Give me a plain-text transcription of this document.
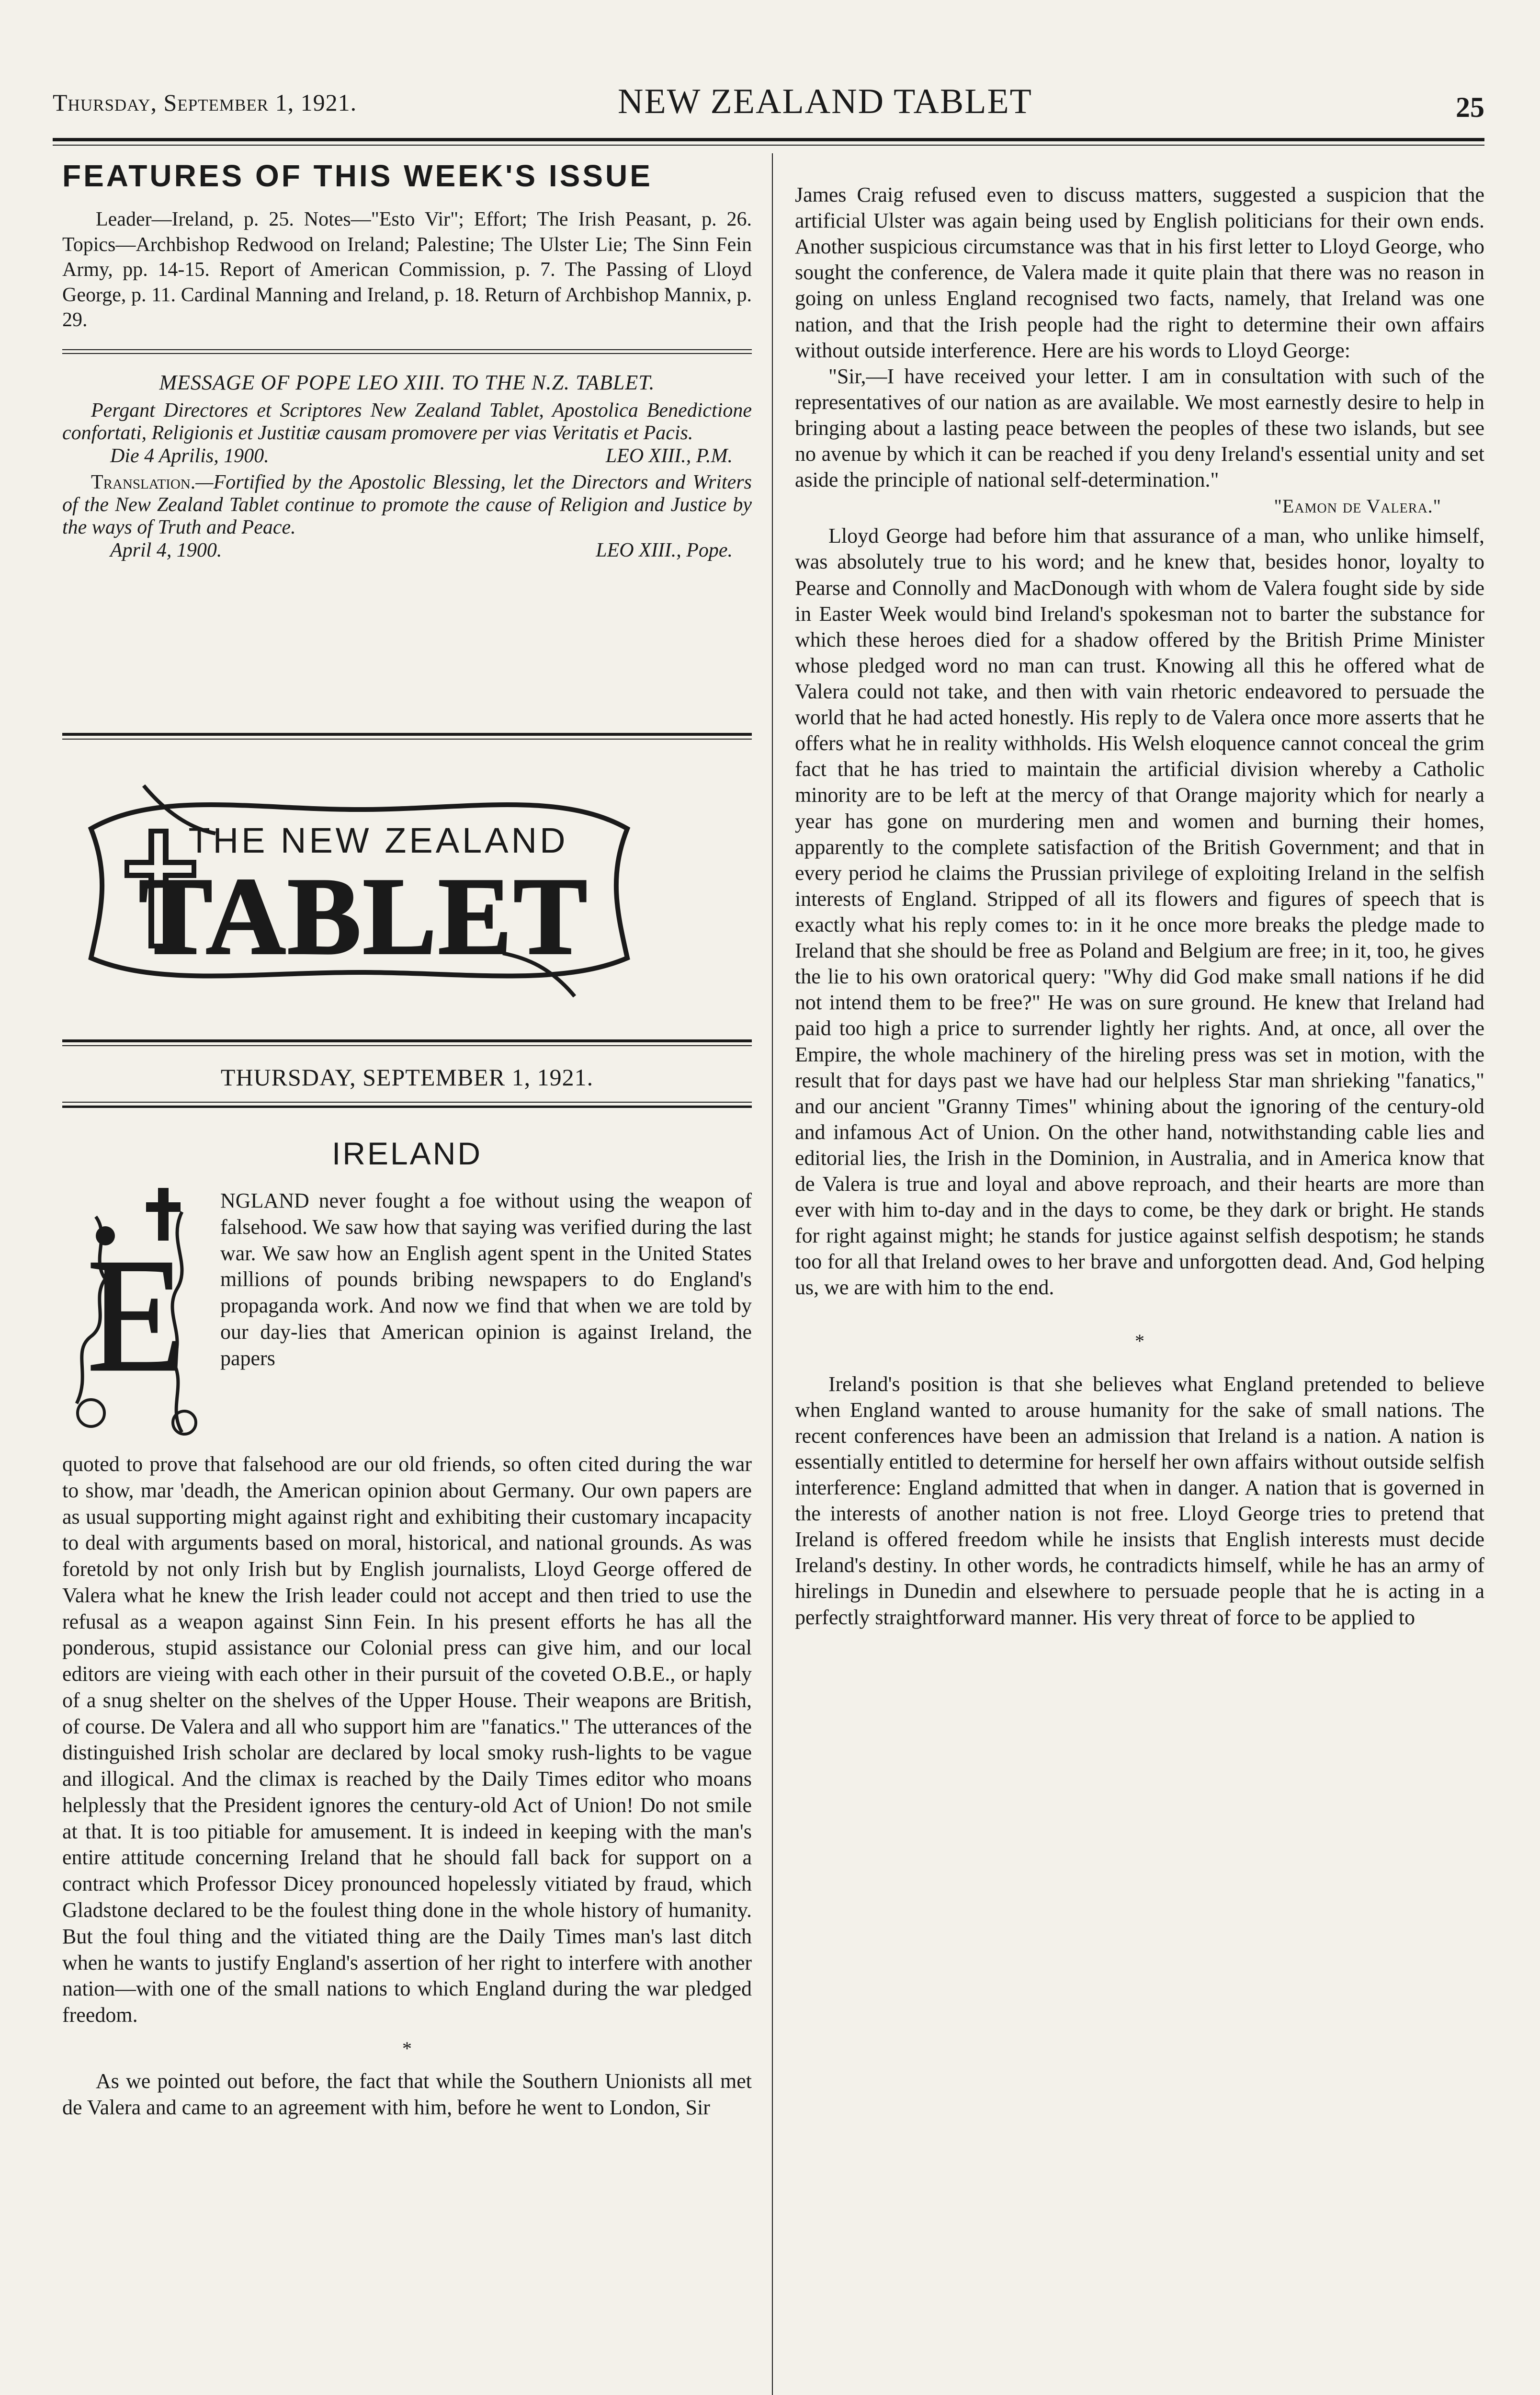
Thursday, September 1, 1921.	NEW ZEALAND TABLET	25
FEATURES OF THIS WEEK'S ISSUE

Leader—Ireland, p. 25. Notes—"Esto Vir"; Effort; The Irish Peasant, p. 26. Topics—Archbishop Redwood on Ireland; Palestine; The Ulster Lie; The Sinn Fein Army, pp. 14-15. Report of American Commission, p. 7. The Passing of Lloyd George, p. 11. Cardinal Manning and Ireland, p. 18. Return of Archbishop Mannix, p. 29.

MESSAGE OF POPE LEO XIII. TO THE N.Z. TABLET.

Pergant Directores et Scriptores New Zealand Tablet, Apostolica Benedictione confortati, Religionis et Justitiæ causam promovere per vias Veritatis et Pacis.

Die 4 Aprilis, 1900.	LEO XIII., P.M.

Translation.—Fortified by the Apostolic Blessing, let the Directors and Writers of the New Zealand Tablet continue to promote the cause of Religion and Justice by the ways of Truth and Peace.

April 4, 1900.	LEO XIII., Pope.
THE NEW ZEALAND
TABLET
THURSDAY, SEPTEMBER 1, 1921.
IRELAND
E

NGLAND never fought a foe without using the weapon of falsehood. We saw how that saying was verified during the last war. We saw how an English agent spent in the United States millions of pounds bribing newspapers to do England's propaganda work. And now we find that when we are told by our day-lies that American opinion is against Ireland, the papers

quoted to prove that falsehood are our old friends, so often cited during the war to show, mar 'deadh, the American opinion about Germany. Our own papers are as usual supporting might against right and exhibiting their customary incapacity to deal with arguments based on moral, historical, and national grounds. As was foretold by not only Irish but by English journalists, Lloyd George offered de Valera what he knew the Irish leader could not accept and then tried to use the refusal as a weapon against Sinn Fein. In his present efforts he has all the ponderous, stupid assistance our Colonial press can give him, and our local editors are vieing with each other in their pursuit of the coveted O.B.E., or haply of a snug shelter on the shelves of the Upper House. Their weapons are British, of course. De Valera and all who support him are "fanatics." The utterances of the distinguished Irish scholar are declared by local smoky rush-lights to be vague and illogical. And the climax is reached by the Daily Times editor who moans helplessly that the President ignores the century-old Act of Union! Do not smile at that. It is too pitiable for amusement. It is indeed in keeping with the man's entire attitude concerning Ireland that he should fall back for support on a contract which Professor Dicey pronounced hopelessly vitiated by fraud, which Gladstone declared to be the foulest thing done in the whole history of humanity. But the foul thing and the vitiated thing are the Daily Times man's last ditch when he wants to justify England's assertion of her right to interfere with another nation—with one of the small nations to which England during the war pledged freedom.

*

As we pointed out before, the fact that while the Southern Unionists all met de Valera and came to an agreement with him, before he went to London, Sir

James Craig refused even to discuss matters, suggested a suspicion that the artificial Ulster was again being used by English politicians for their own ends. Another suspicious circumstance was that in his first letter to Lloyd George, who sought the conference, de Valera made it quite plain that there was no reason in going on unless England recognised two facts, namely, that Ireland was one nation, and that the Irish people had the right to determine their own affairs without outside interference. Here are his words to Lloyd George:

"Sir,—I have received your letter. I am in consultation with such of the representatives of our nation as are available. We most earnestly desire to help in bringing about a lasting peace between the peoples of these two islands, but see no avenue by which it can be reached if you deny Ireland's essential unity and set aside the principle of national self-determination."

"Eamon de Valera."

Lloyd George had before him that assurance of a man, who unlike himself, was absolutely true to his word; and he knew that, besides honor, loyalty to Pearse and Connolly and MacDonough with whom de Valera fought side by side in Easter Week would bind Ireland's spokesman not to barter the substance for which these heroes died for a shadow offered by the British Prime Minister whose pledged word no man can trust. Knowing all this he offered what de Valera could not take, and then with vain rhetoric endeavored to persuade the world that he had acted honestly. His reply to de Valera once more asserts that he offers what he in reality withholds. His Welsh eloquence cannot conceal the grim fact that he has tried to maintain the artificial division whereby a Catholic minority are to be left at the mercy of that Orange majority which for nearly a year has gone on murdering men and women and burning their homes, apparently to the complete satisfaction of the British Government; and that in every period he claims the Prussian privilege of exploiting Ireland in the selfish interests of England. Stripped of all its flowers and figures of speech that is exactly what his reply comes to: in it he once more breaks the pledge made to Ireland that she should be free as Poland and Belgium are free; in it, too, he gives the lie to his own oratorical query: "Why did God make small nations if he did not intend them to be free?" He was on sure ground. He knew that Ireland had paid too high a price to surrender lightly her rights. And, at once, all over the Empire, the whole machinery of the hireling press was set in motion, with the result that for days past we have had our helpless Star man shrieking "fanatics," and our ancient "Granny Times" whining about the ignoring of the century-old and infamous Act of Union. On the other hand, notwithstanding cable lies and editorial lies, the Irish in the Dominion, in Australia, and in America know that de Valera is true and loyal and above reproach, and their hearts are more than ever with him to-day and in the days to come, be they dark or bright. He stands for right against might; he stands for justice against selfish despotism; he stands too for all that Ireland owes to her brave and unforgotten dead. And, God helping us, we are with him to the end.

*

Ireland's position is that she believes what England pretended to believe when England wanted to arouse humanity for the sake of small nations. The recent conferences have been an admission that Ireland is a nation. A nation is essentially entitled to determine for herself her own affairs without outside selfish interference: England admitted that when in danger. A nation that is governed in the interests of another nation is not free. Lloyd George tries to pretend that Ireland is offered freedom while he insists that English interests must decide Ireland's destiny. In other words, he contradicts himself, while he has an army of hirelings in Dunedin and elsewhere to persuade people that he is acting in a perfectly straightforward manner. His very threat of force to be applied to
